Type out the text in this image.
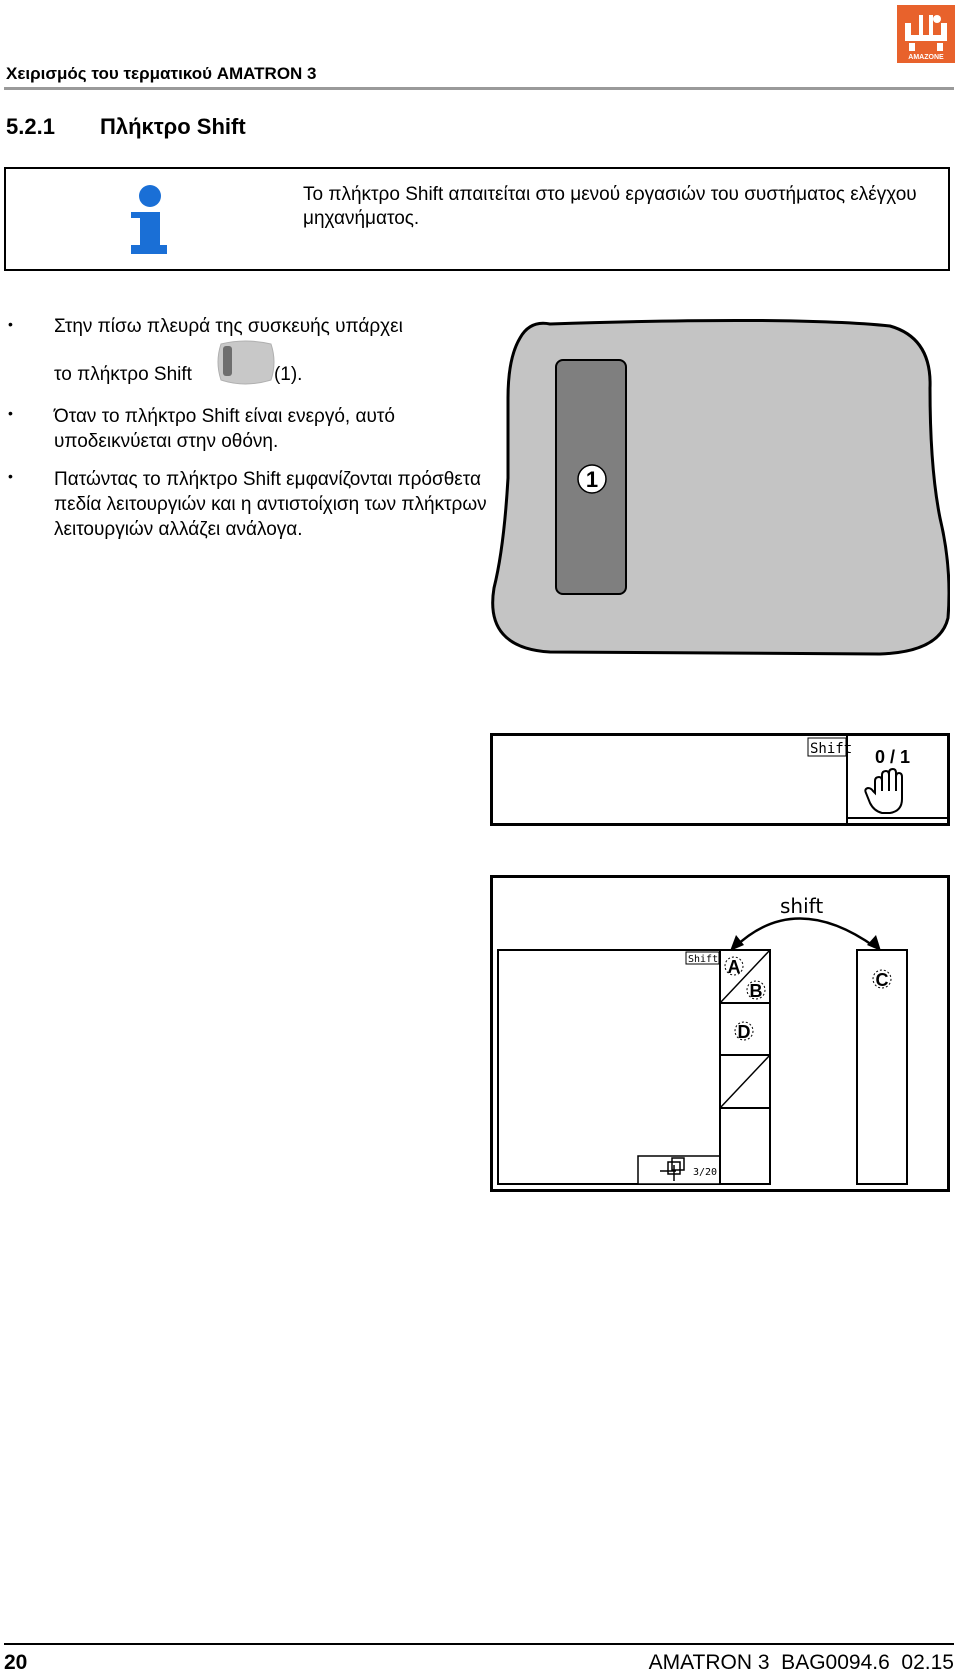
Χειρισμός του τερματικού AMATRON 3
AMAZONE
5.2.1 Πλήκτρο Shift
Το πλήκτρο Shift απαιτείται στο μενού εργασιών του συστήματος ελέγχου μηχανήματος.
• Στην πίσω πλευρά της συσκευής υπάρχει
το πλήκτρο Shift	(1).
• Όταν το πλήκτρο Shift είναι ενεργό, αυτό υποδεικνύεται στην οθόνη.
• Πατώντας το πλήκτρο Shift εμφανίζονται πρόσθετα πεδία λειτουργιών και η αντιστοίχιση των πλήκτρων λειτουργιών αλλάζει ανάλογα.
1
Shift 0 / 1
Shift
3/20
A
B
D
C
shift
20	AMATRON 3  BAG0094.6  02.15
